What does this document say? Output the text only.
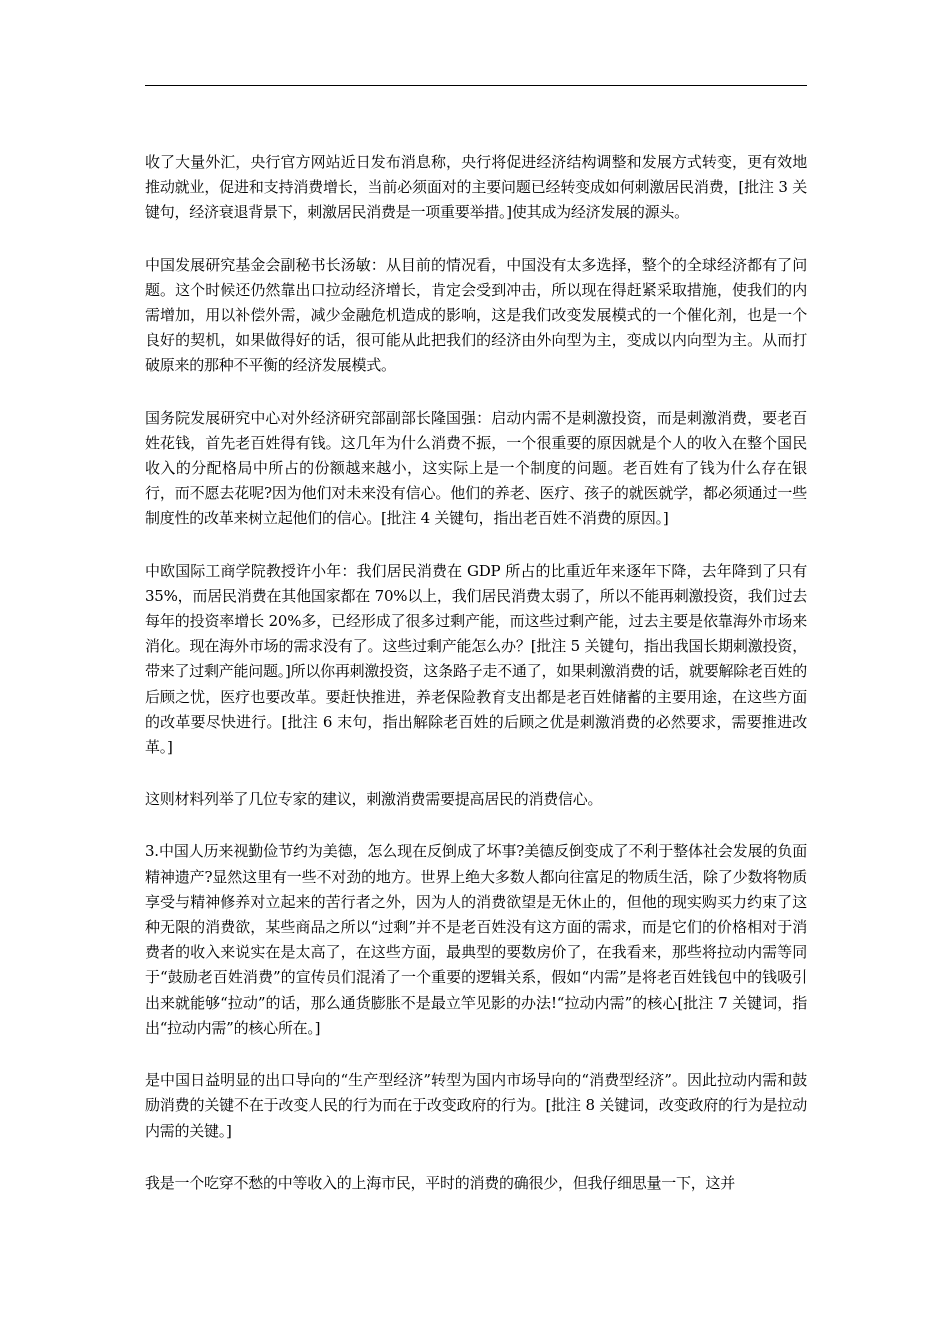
收了大量外汇，央行官方网站近日发布消息称，央行将促进经济结构调整和发展方式转变，更有效地推动就业，促进和支持消费增长，当前必须面对的主要问题已经转变成如何刺激居民消费，[批注 3 关键句，经济衰退背景下，刺激居民消费是一项重要举措。]使其成为经济发展的源头。

中国发展研究基金会副秘书长汤敏：从目前的情况看，中国没有太多选择，整个的全球经济都有了问题。这个时候还仍然靠出口拉动经济增长，肯定会受到冲击，所以现在得赶紧采取措施，使我们的内需增加，用以补偿外需，减少金融危机造成的影响，这是我们改变发展模式的一个催化剂，也是一个良好的契机，如果做得好的话，很可能从此把我们的经济由外向型为主，变成以内向型为主。从而打破原来的那种不平衡的经济发展模式。

国务院发展研究中心对外经济研究部副部长隆国强：启动内需不是刺激投资，而是刺激消费，要老百姓花钱，首先老百姓得有钱。这几年为什么消费不振，一个很重要的原因就是个人的收入在整个国民收入的分配格局中所占的份额越来越小，这实际上是一个制度的问题。老百姓有了钱为什么存在银行，而不愿去花呢?因为他们对未来没有信心。他们的养老、医疗、孩子的就医就学，都必须通过一些制度性的改革来树立起他们的信心。[批注 4 关键句，指出老百姓不消费的原因。]

中欧国际工商学院教授许小年：我们居民消费在 GDP 所占的比重近年来逐年下降，去年降到了只有 35%，而居民消费在其他国家都在 70%以上，我们居民消费太弱了，所以不能再刺激投资，我们过去每年的投资率增长 20%多，已经形成了很多过剩产能，而这些过剩产能，过去主要是依靠海外市场来消化。现在海外市场的需求没有了。这些过剩产能怎么办？[批注 5 关键句，指出我国长期刺激投资，带来了过剩产能问题。]所以你再刺激投资，这条路子走不通了，如果刺激消费的话，就要解除老百姓的后顾之忧，医疗也要改革。要赶快推进，养老保险教育支出都是老百姓储蓄的主要用途，在这些方面的改革要尽快进行。[批注 6 末句，指出解除老百姓的后顾之优是刺激消费的必然要求，需要推进改革。]

这则材料列举了几位专家的建议，刺激消费需要提高居民的消费信心。

3.中国人历来视勤俭节约为美德，怎么现在反倒成了坏事?美德反倒变成了不利于整体社会发展的负面精神遗产?显然这里有一些不对劲的地方。世界上绝大多数人都向往富足的物质生活，除了少数将物质享受与精神修养对立起来的苦行者之外，因为人的消费欲望是无休止的，但他的现实购买力约束了这种无限的消费欲，某些商品之所以“过剩”并不是老百姓没有这方面的需求，而是它们的价格相对于消费者的收入来说实在是太高了，在这些方面，最典型的要数房价了，在我看来，那些将拉动内需等同于“鼓励老百姓消费”的宣传员们混淆了一个重要的逻辑关系，假如“内需”是将老百姓钱包中的钱吸引出来就能够“拉动”的话，那么通货膨胀不是最立竿见影的办法!“拉动内需”的核心[批注 7 关键词，指出“拉动内需”的核心所在。]

是中国日益明显的出口导向的“生产型经济”转型为国内市场导向的“消费型经济”。因此拉动内需和鼓励消费的关键不在于改变人民的行为而在于改变政府的行为。[批注 8 关键词，改变政府的行为是拉动内需的关键。]

我是一个吃穿不愁的中等收入的上海市民，平时的消费的确很少，但我仔细思量一下，这并
